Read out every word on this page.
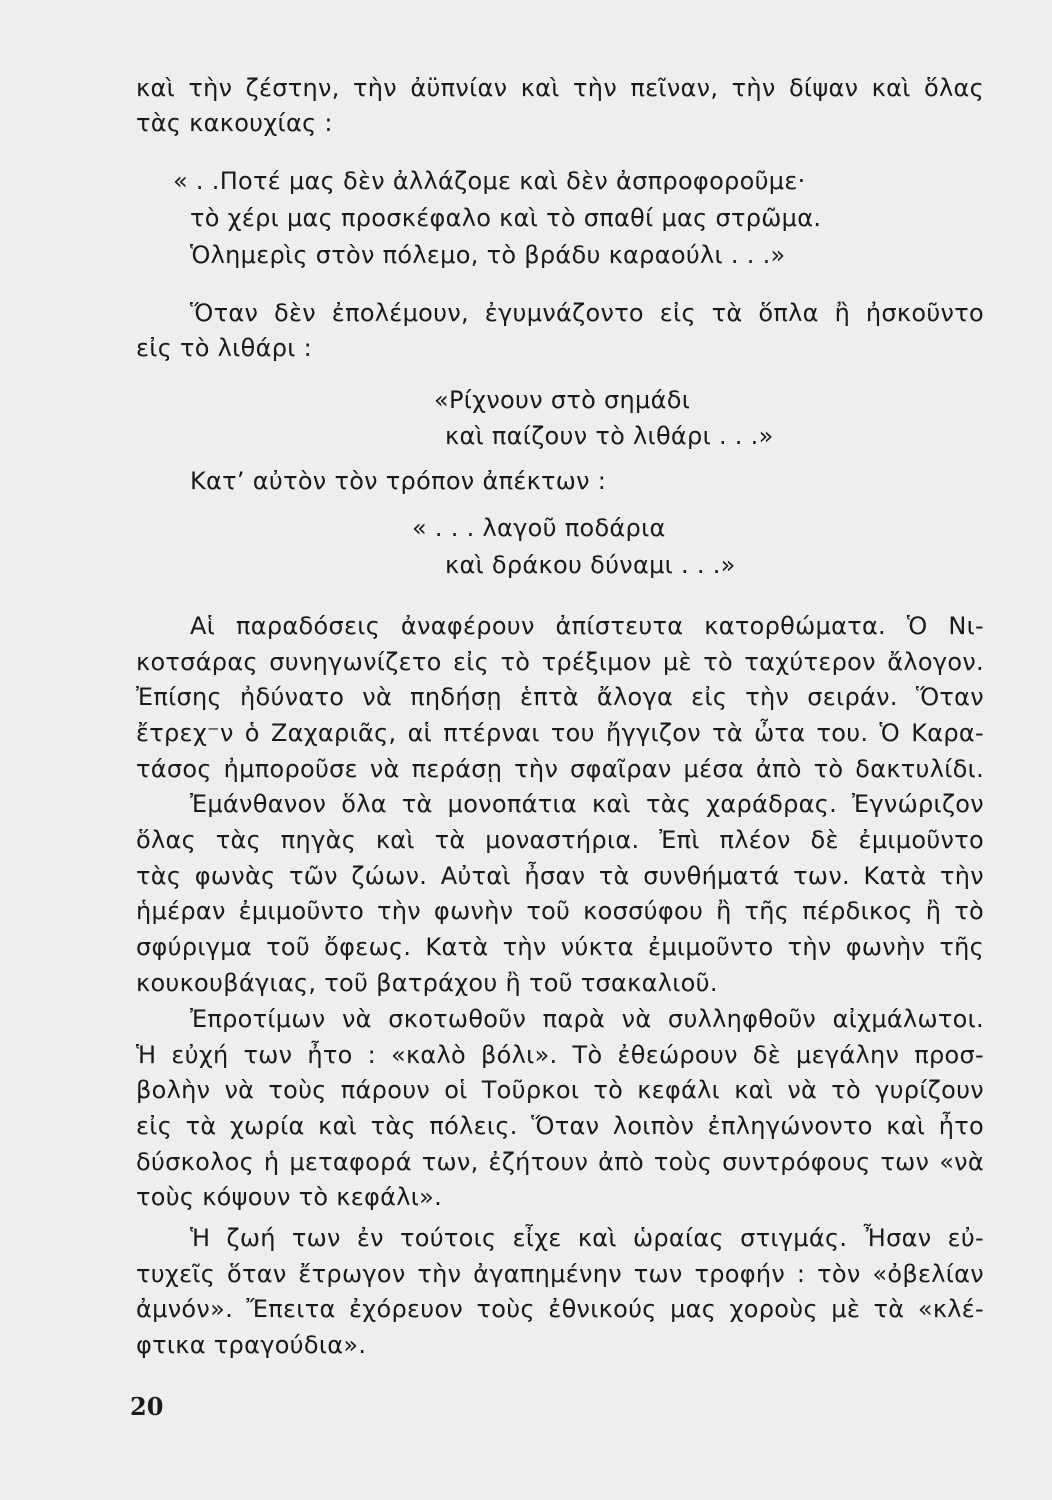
καὶ τὴν ζέστην, τὴν ἀϋπνίαν καὶ τὴν πεῖναν, τὴν δίψαν καὶ ὅλας
τὰς κακουχίας :
« . .Ποτέ μας δὲν ἀλλάζομε καὶ δὲν ἀσπροφοροῦμε·
τὸ χέρι μας προσκέφαλο καὶ τὸ σπαθί μας στρῶμα.
Ὁλημερὶς στὸν πόλεμο, τὸ βράδυ καραούλι . . .»
Ὅταν δὲν ἐπολέμουν, ἐγυμνάζοντο εἰς τὰ ὅπλα ἢ ἠσκοῦντο
εἰς τὸ λιθάρι :
«Ρίχνουν στὸ σημάδι
καὶ παίζουν τὸ λιθάρι . . .»
Κατ’ αὐτὸν τὸν τρόπον ἀπέκτων :
« . . . λαγοῦ ποδάρια
καὶ δράκου δύναμι . . .»
Αἱ παραδόσεις ἀναφέρουν ἀπίστευτα κατορθώματα. Ὁ Νι-
κοτσάρας συνηγωνίζετο εἰς τὸ τρέξιμον μὲ τὸ ταχύτερον ἄλογον.
Ἐπίσης ἠδύνατο νὰ πηδήσῃ ἑπτὰ ἄλογα εἰς τὴν σειράν. Ὅταν
ἔτρεχ⁻ν ὁ Ζαχαριᾶς, αἱ πτέρναι του ἤγγιζον τὰ ὦτα του. Ὁ Καρα-
τάσος ἠμποροῦσε νὰ περάσῃ τὴν σφαῖραν μέσα ἀπὸ τὸ δακτυλίδι.
Ἐμάνθανον ὅλα τὰ μονοπάτια καὶ τὰς χαράδρας. Ἐγνώριζον
ὅλας τὰς πηγὰς καὶ τὰ μοναστήρια. Ἐπὶ πλέον δὲ ἐμιμοῦντο
τὰς φωνὰς τῶν ζώων. Αὐταὶ ἦσαν τὰ συνθήματά των. Κατὰ τὴν
ἡμέραν ἐμιμοῦντο τὴν φωνὴν τοῦ κοσσύφου ἢ τῆς πέρδικος ἢ τὸ
σφύριγμα τοῦ ὄφεως. Κατὰ τὴν νύκτα ἐμιμοῦντο τὴν φωνὴν τῆς
κουκουβάγιας, τοῦ βατράχου ἢ τοῦ τσακαλιοῦ.
Ἐπροτίμων νὰ σκοτωθοῦν παρὰ νὰ συλληφθοῦν αἰχμάλωτοι.
Ἡ εὐχή των ἦτο : «καλὸ βόλι». Τὸ ἐθεώρουν δὲ μεγάλην προσ-
βολὴν νὰ τοὺς πάρουν οἱ Τοῦρκοι τὸ κεφάλι καὶ νὰ τὸ γυρίζουν
εἰς τὰ χωρία καὶ τὰς πόλεις. Ὅταν λοιπὸν ἐπληγώνοντο καὶ ἦτο
δύσκολος ἡ μεταφορά των, ἐζήτουν ἀπὸ τοὺς συντρόφους των «νὰ
τοὺς κόψουν τὸ κεφάλι».
Ἡ ζωή των ἐν τούτοις εἶχε καὶ ὡραίας στιγμάς. Ἦσαν εὐ-
τυχεῖς ὅταν ἔτρωγον τὴν ἀγαπημένην των τροφήν : τὸν «ὀβελίαν
ἀμνόν». Ἔπειτα ἐχόρευον τοὺς ἐθνικούς μας χοροὺς μὲ τὰ «κλέ-
φτικα τραγούδια».
20
